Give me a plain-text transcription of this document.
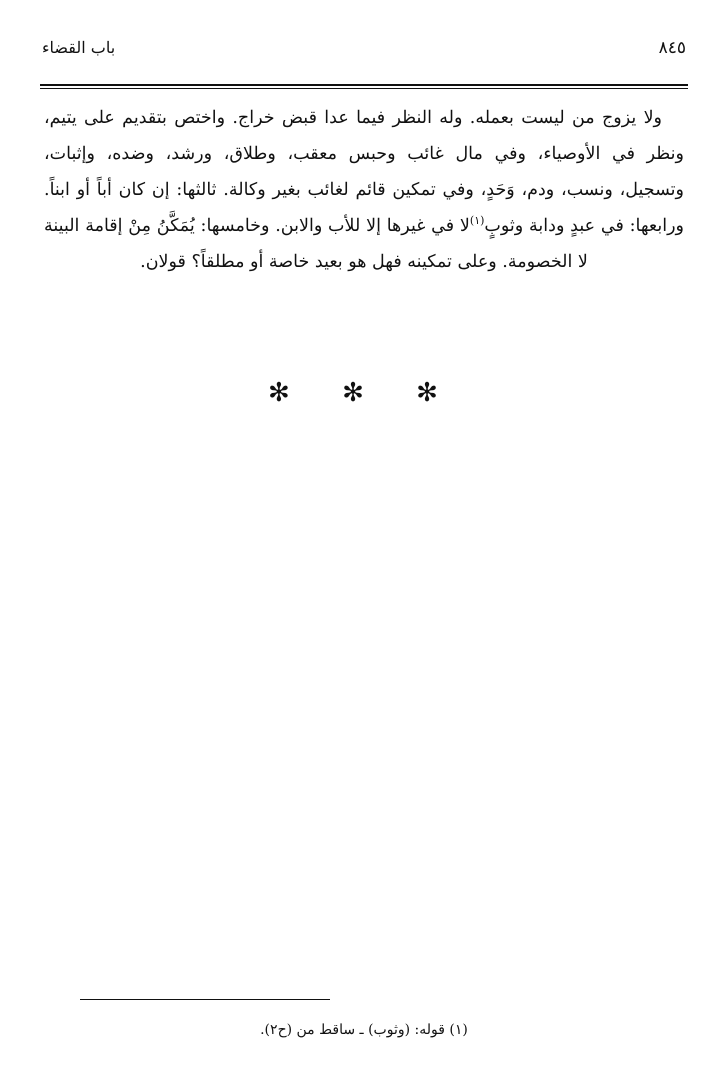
٨٤٥
باب القضاء

ولا يزوج من ليست بعمله. وله النظر فيما عدا قبض خراج. واختص بتقديم على يتيم، ونظر في الأوصياء، وفي مال غائب وحبس معقب، وطلاق، ورشد، وضده، وإثبات، وتسجيل، ونسب، ودم، وَحَدٍ، وفي تمكين قائم لغائب بغير وكالة. ثالثها: إن كان أباً أو ابناً. ورابعها: في عبدٍ ودابة وثوبٍ$^{(١)}$لا في غيرها إلا للأب والابن. وخامسها: يُمَكَّنُ مِنْ إقامة البينة لا الخصومة. وعلى تمكينه فهل هو بعيد خاصة أو مطلقاً؟ قولان.

✻ ✻ ✻

(١) قوله: (وثوب) ـ ساقط من (ح٢).
